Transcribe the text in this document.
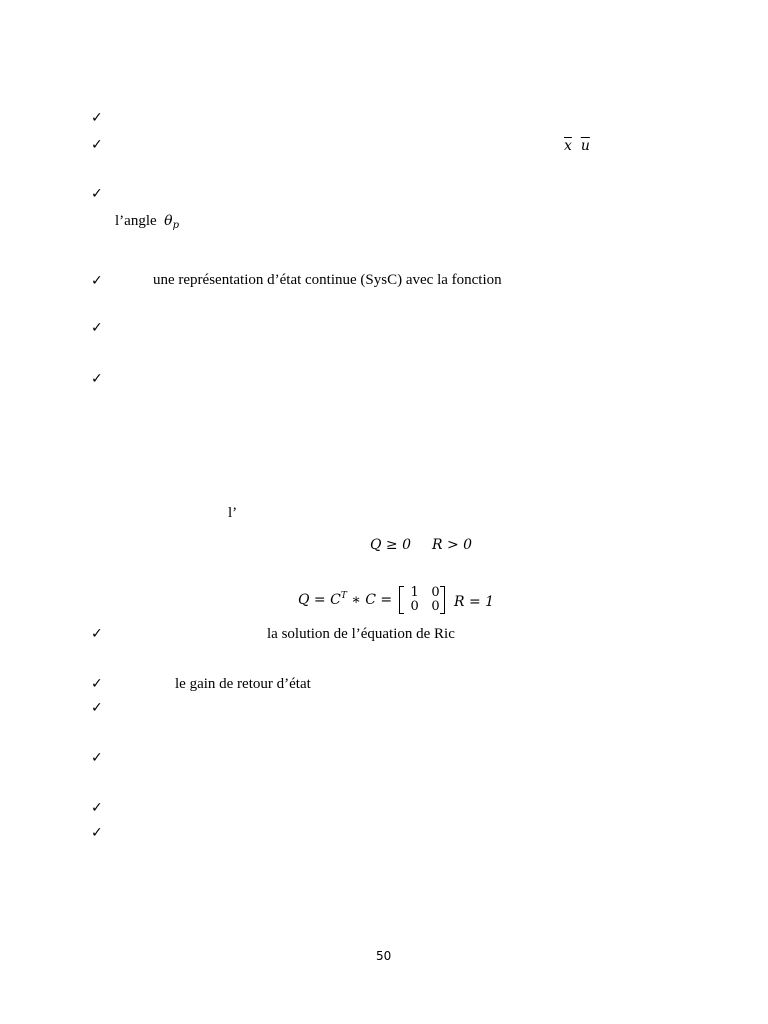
✓
✓
✓
✓
✓
✓
✓
✓
✓
✓
✓
✓
$\overline{x}$ $\overline{u}$
l’angle $\theta_p$
une représentation d’état continue (SysC) avec la fonction
l’
Q ≥ 0 R > 0
$Q = C^T$ ∗ C =	1 0
0 0 R = 1
la solution de l’équation de Ric
le gain de retour d’état
50
